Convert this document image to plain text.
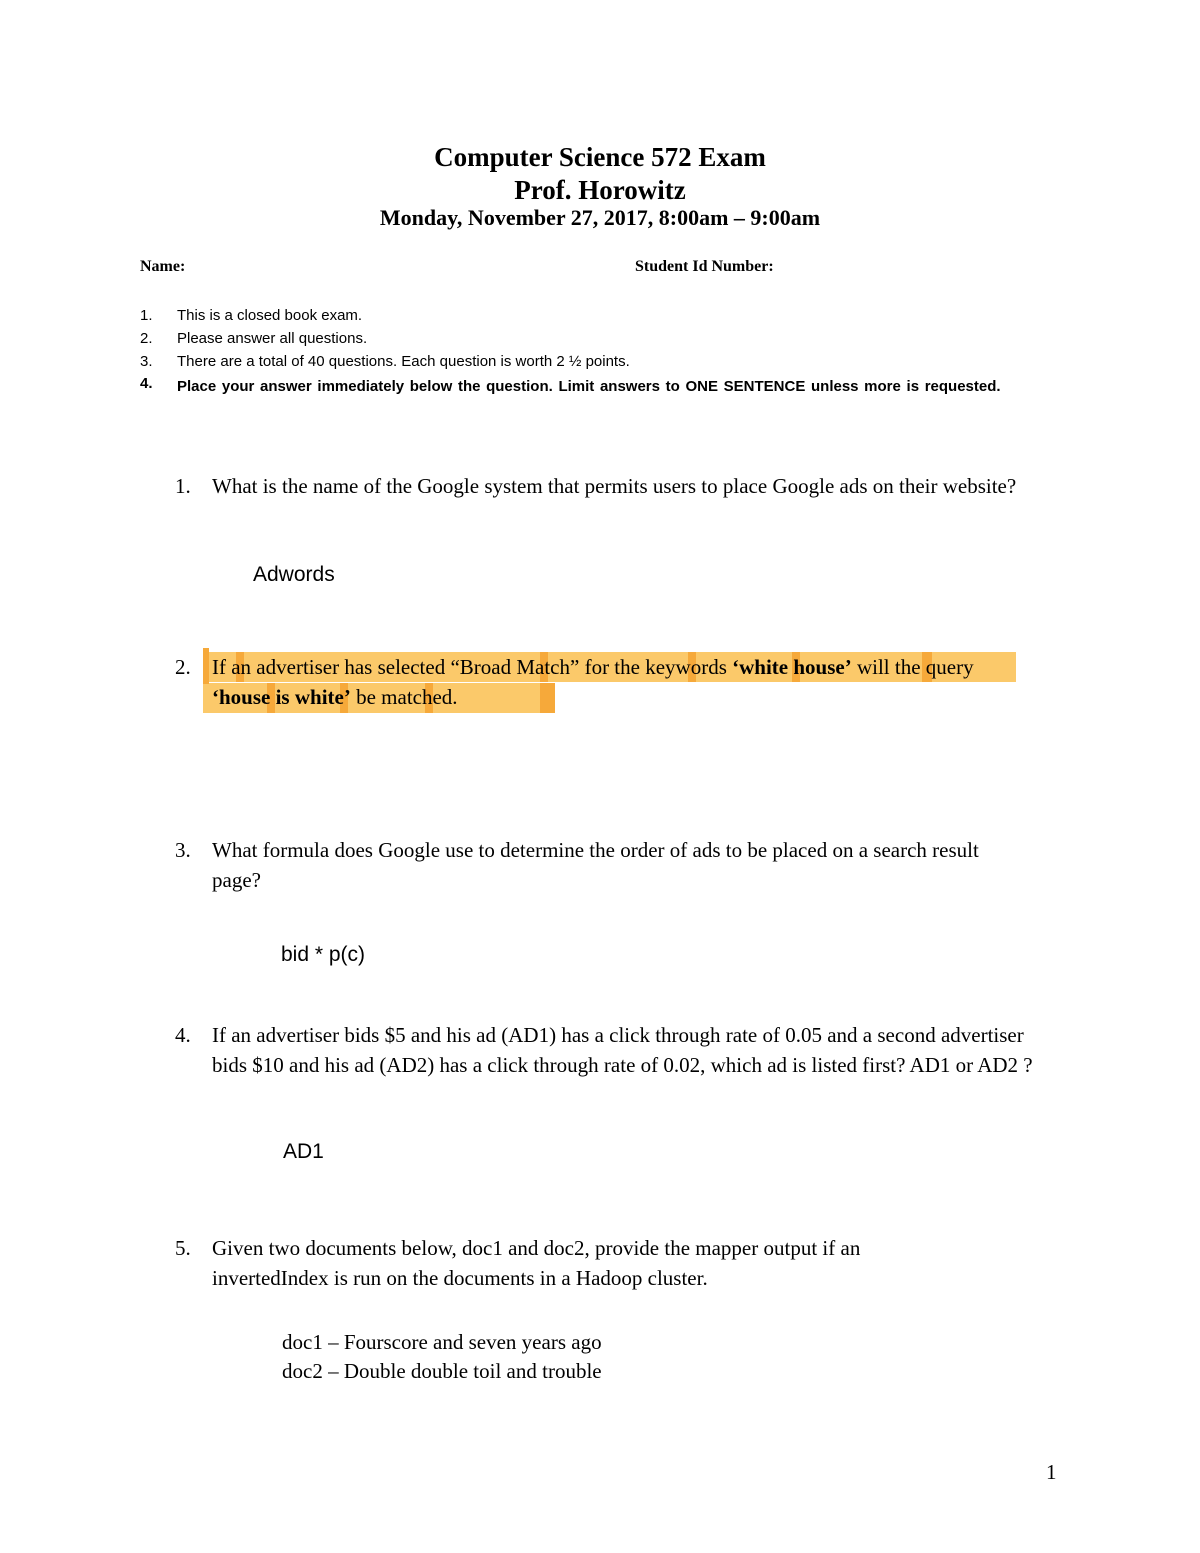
Computer Science 572 Exam
Prof. Horowitz
Monday, November 27, 2017, 8:00am – 9:00am
Name:	Student Id Number:
1. This is a closed book exam.
2. Please answer all questions.
3. There are a total of 40 questions. Each question is worth 2 ½ points.
4. Place your answer immediately below the question. Limit answers to ONE SENTENCE unless more is requested.
1. What is the name of the Google system that permits users to place Google ads on their website?
Adwords
2. If an advertiser has selected “Broad Match” for the keywords ‘white house’ will the query ‘house is white’ be matched.
3. What formula does Google use to determine the order of ads to be placed on a search result page?
bid * p(c)
4. If an advertiser bids $5 and his ad (AD1) has a click through rate of 0.05 and a second advertiser bids $10 and his ad (AD2) has a click through rate of 0.02, which ad is listed first? AD1 or AD2 ?
AD1
5. Given two documents below, doc1 and doc2, provide the mapper output if an invertedIndex is run on the documents in a Hadoop cluster.
doc1 – Fourscore and seven years ago
doc2 – Double double toil and trouble
1
